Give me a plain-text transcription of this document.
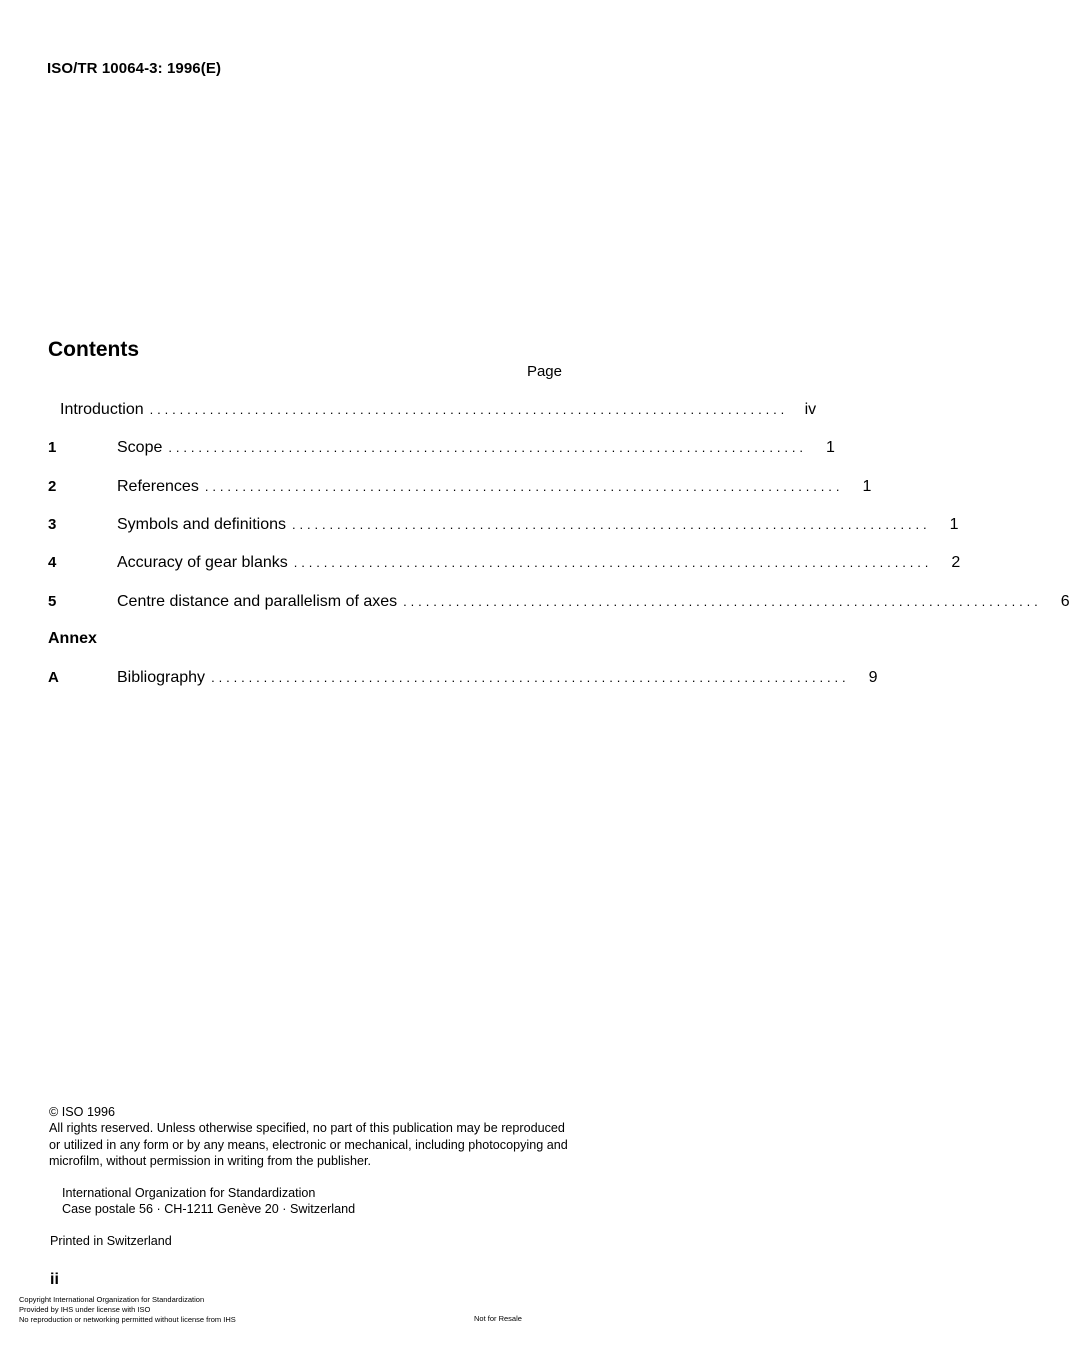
ISO/TR 10064-3: 1996(E)
Contents
Page
Introduction .....................................................................................	iv
1	Scope .....................................................................................	1
2	References .....................................................................................	1
3	Symbols and definitions .....................................................................................	1
4	Accuracy of gear blanks .....................................................................................	2
5	Centre distance and parallelism of axes .....................................................................................	6
Annex
A	Bibliography .....................................................................................	9
© ISO 1996
All rights reserved. Unless otherwise specified, no part of this publication may be reproduced
or utilized in any form or by any means, electronic or mechanical, including photocopying and
microfilm, without permission in writing from the publisher.
International Organization for Standardization
Case postale 56 · CH-1211 Genève 20 · Switzerland
Printed in Switzerland
ii
Copyright International Organization for Standardization
Provided by IHS under license with ISO
No reproduction or networking permitted without license from IHS	Not for Resale
